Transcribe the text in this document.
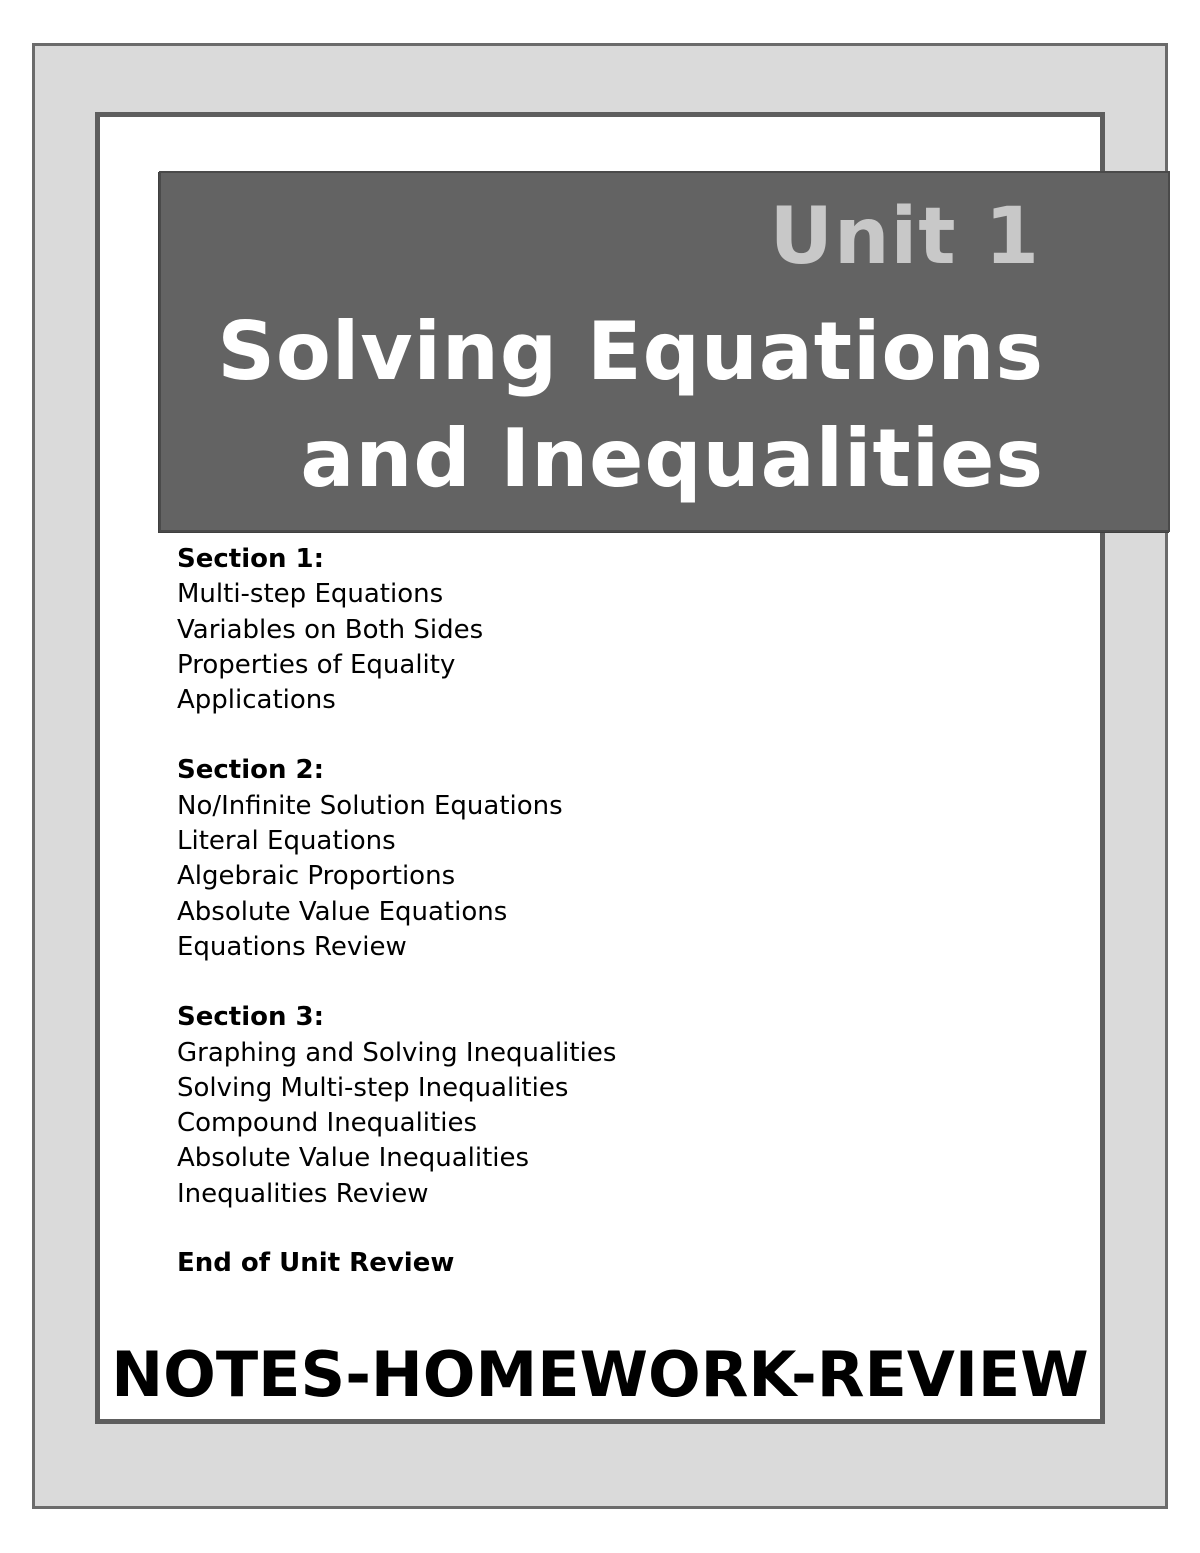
Unit 1
Solving Equations
and Inequalities
Section 1:
Multi-step Equations
Variables on Both Sides
Properties of Equality
Applications
Section 2:
No/Infinite Solution Equations
Literal Equations
Algebraic Proportions
Absolute Value Equations
Equations Review
Section 3:
Graphing and Solving Inequalities
Solving Multi-step Inequalities
Compound Inequalities
Absolute Value Inequalities
Inequalities Review
End of Unit Review
NOTES-HOMEWORK-REVIEW
